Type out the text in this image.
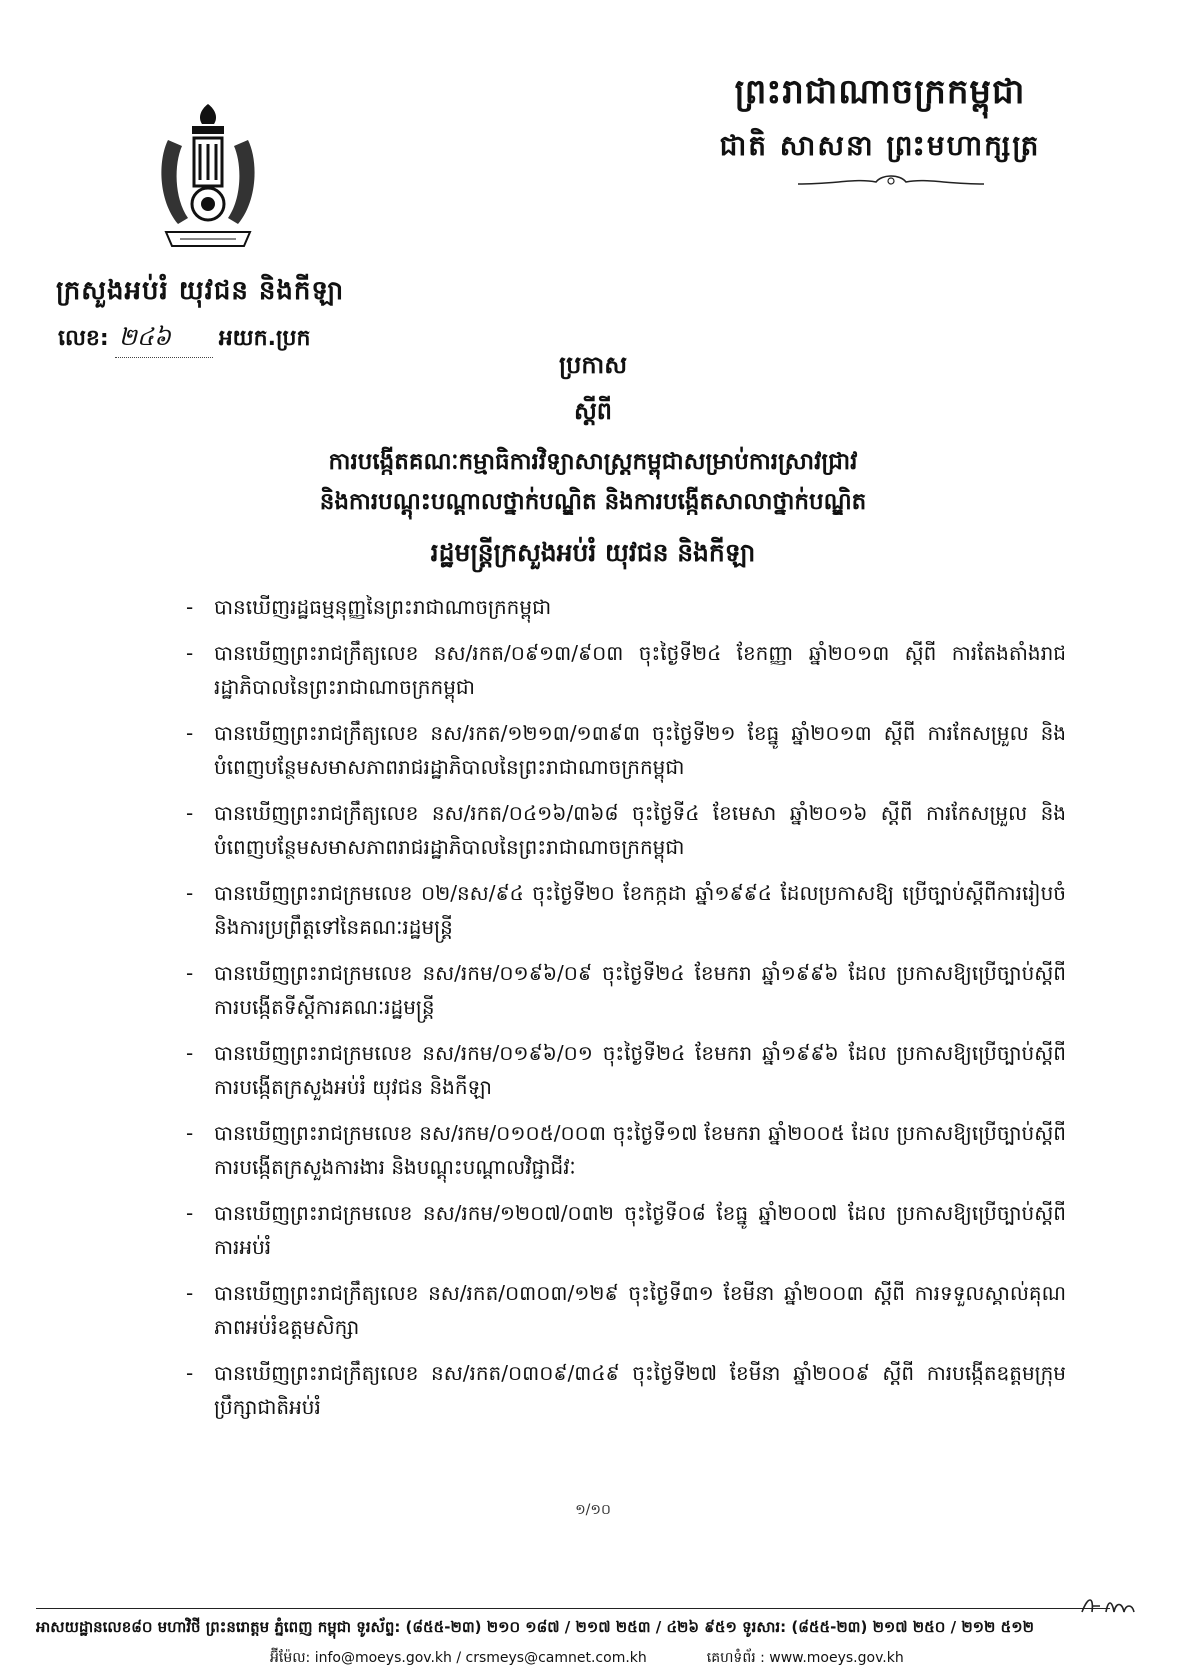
ព្រះរាជាណាចក្រកម្ពុជា
ជាតិ សាសនា ព្រះមហាក្សត្រ
ក្រសួងអប់រំ យុវជន និងកីឡា
លេខ: ២៤៦	អយក.ប្រក
ប្រកាស
ស្តីពី
ការបង្កើតគណៈកម្មាធិការវិទ្យាសាស្ត្រកម្ពុជាសម្រាប់ការស្រាវជ្រាវ
និងការបណ្តុះបណ្តាលថ្នាក់បណ្ឌិត និងការបង្កើតសាលាថ្នាក់បណ្ឌិត
រដ្ឋមន្ត្រីក្រសួងអប់រំ យុវជន និងកីឡា
- បានឃើញរដ្ឋធម្មនុញ្ញនៃព្រះរាជាណាចក្រកម្ពុជា
- បានឃើញព្រះរាជក្រឹត្យលេខ នស/រកត/០៩១៣/៩០៣ ចុះថ្ងៃទី២៤ ខែកញ្ញា ឆ្នាំ២០១៣ ស្តីពី ការតែងតាំងរាជរដ្ឋាភិបាលនៃព្រះរាជាណាចក្រកម្ពុជា
- បានឃើញព្រះរាជក្រឹត្យលេខ នស/រកត/១២១៣/១៣៩៣ ចុះថ្ងៃទី២១ ខែធ្នូ ឆ្នាំ២០១៣ ស្តីពី ការកែសម្រួល និងបំពេញបន្ថែមសមាសភាពរាជរដ្ឋាភិបាលនៃព្រះរាជាណាចក្រកម្ពុជា
- បានឃើញព្រះរាជក្រឹត្យលេខ នស/រកត/០៤១៦/៣៦៨ ចុះថ្ងៃទី៤ ខែមេសា ឆ្នាំ២០១៦ ស្តីពី ការកែសម្រួល និងបំពេញបន្ថែមសមាសភាពរាជរដ្ឋាភិបាលនៃព្រះរាជាណាចក្រកម្ពុជា
- បានឃើញព្រះរាជក្រមលេខ ០២/នស/៩៤ ចុះថ្ងៃទី២០ ខែកក្កដា ឆ្នាំ១៩៩៤ ដែលប្រកាសឱ្យ ប្រើច្បាប់ស្តីពីការរៀបចំនិងការប្រព្រឹត្តទៅនៃគណៈរដ្ឋមន្ត្រី
- បានឃើញព្រះរាជក្រមលេខ នស/រកម/០១៩៦/០៩ ចុះថ្ងៃទី២៤ ខែមករា ឆ្នាំ១៩៩៦ ដែល ប្រកាសឱ្យប្រើច្បាប់ស្តីពីការបង្កើតទីស្តីការគណៈរដ្ឋមន្ត្រី
- បានឃើញព្រះរាជក្រមលេខ នស/រកម/០១៩៦/០១ ចុះថ្ងៃទី២៤ ខែមករា ឆ្នាំ១៩៩៦ ដែល ប្រកាសឱ្យប្រើច្បាប់ស្តីពីការបង្កើតក្រសួងអប់រំ យុវជន និងកីឡា
- បានឃើញព្រះរាជក្រមលេខ នស/រកម/០១០៥/០០៣ ចុះថ្ងៃទី១៧ ខែមករា ឆ្នាំ២០០៥ ដែល ប្រកាសឱ្យប្រើច្បាប់ស្តីពីការបង្កើតក្រសួងការងារ និងបណ្តុះបណ្តាលវិជ្ជាជីវៈ
- បានឃើញព្រះរាជក្រមលេខ នស/រកម/១២០៧/០៣២ ចុះថ្ងៃទី០៨ ខែធ្នូ ឆ្នាំ២០០៧ ដែល ប្រកាសឱ្យប្រើច្បាប់ស្តីពីការអប់រំ
- បានឃើញព្រះរាជក្រឹត្យលេខ នស/រកត/០៣០៣/១២៩ ចុះថ្ងៃទី៣១ ខែមីនា ឆ្នាំ២០០៣ ស្តីពី ការទទួលស្គាល់គុណភាពអប់រំឧត្តមសិក្សា
- បានឃើញព្រះរាជក្រឹត្យលេខ នស/រកត/០៣០៩/៣៤៩ ចុះថ្ងៃទី២៧ ខែមីនា ឆ្នាំ២០០៩ ស្តីពី ការបង្កើតឧត្តមក្រុមប្រឹក្សាជាតិអប់រំ
១/១០
អាសយដ្ឋានលេខ៨០ មហាវិថី ព្រះនរោត្តម ភ្នំពេញ កម្ពុជា ទូរស័ព្ទ: (៨៥៥-២៣) ២១០ ១៨៧ / ២១៧ ២៥៣ / ៤២៦ ៩៥១ ទូរសារ: (៨៥៥-២៣) ២១៧ ២៥០ / ២១២ ៥១២
អ៊ីម៉ែល: info@moeys.gov.kh / crsmeys@camnet.com.kh	គេហទំព័រ : www.moeys.gov.kh
